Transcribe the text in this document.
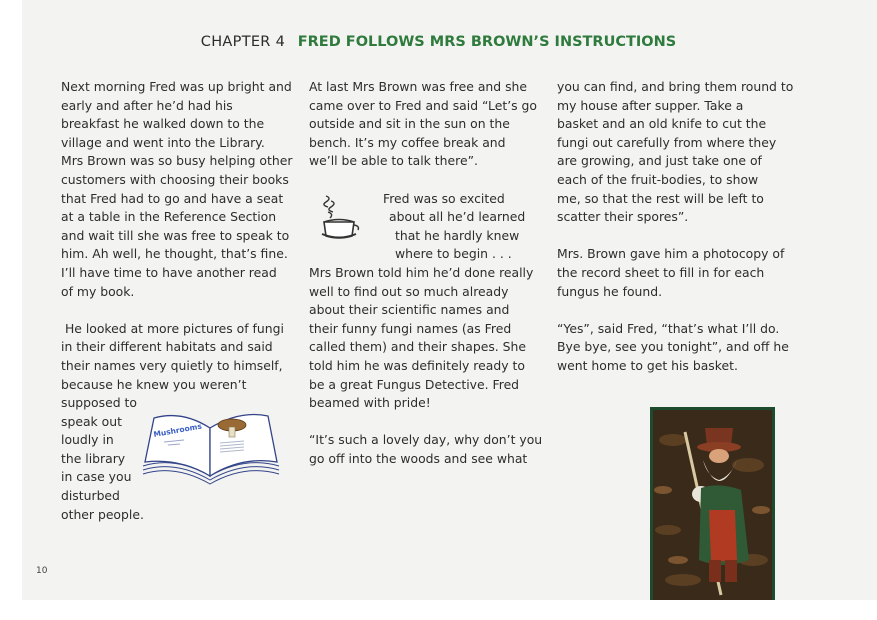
CHAPTER 4 FRED FOLLOWS MRS BROWN’S INSTRUCTIONS

Next morning Fred was up bright and
early and after he’d had his
breakfast he walked down to the
village and went into the Library.
Mrs Brown was so busy helping other
customers with choosing their books
that Fred had to go and have a seat
at a table in the Reference Section
and wait till she was free to speak to
him. Ah well, he thought, that’s fine.
I’ll have time to have another read
of my book.

He looked at more pictures of fungi
in their different habitats and said
their names very quietly to himself,
because he knew you weren’t
supposed to
speak out
loudly in
the library
in case you
disturbed
other people.

Mushrooms

At last Mrs Brown was free and she
came over to Fred and said “Let’s go
outside and sit in the sun on the
bench. It’s my coffee break and
we’ll be able to talk there”.

Fred was so excited
about all he’d learned
that he hardly knew
where to begin . . .
Mrs Brown told him he’d done really
well to find out so much already
about their scientific names and
their funny fungi names (as Fred
called them) and their shapes. She
told him he was definitely ready to
be a great Fungus Detective. Fred
beamed with pride!

“It’s such a lovely day, why don’t you
go off into the woods and see what

you can find, and bring them round to
my house after supper. Take a
basket and an old knife to cut the
fungi out carefully from where they
are growing, and just take one of
each of the fruit-bodies, to show
me, so that the rest will be left to
scatter their spores”.

Mrs. Brown gave him a photocopy of
the record sheet to fill in for each
fungus he found.

“Yes”, said Fred, “that’s what I’ll do.
Bye bye, see you tonight”, and off he
went home to get his basket.

10
